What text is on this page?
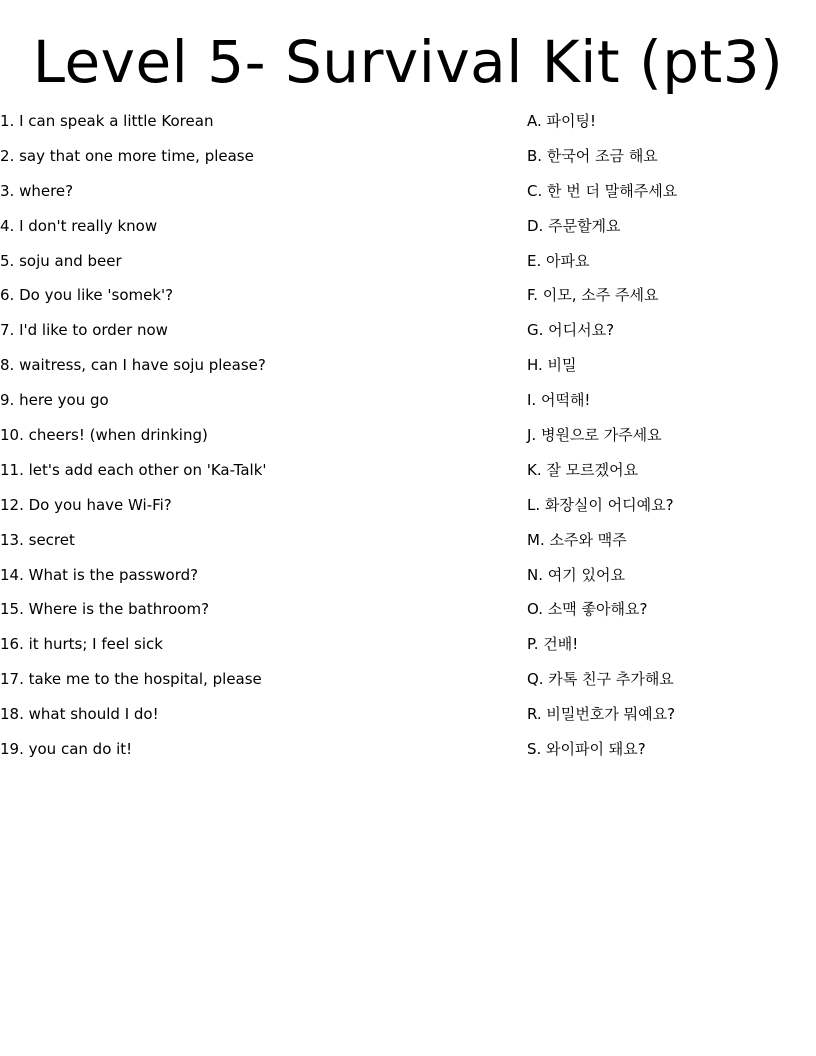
Level 5- Survival Kit (pt3)
1. I can speak a little Korean
2. say that one more time, please
3. where?
4. I don't really know
5. soju and beer
6. Do you like 'somek'?
7. I'd like to order now
8. waitress, can I have soju please?
9. here you go
10. cheers! (when drinking)
11. let's add each other on 'Ka-Talk'
12. Do you have Wi-Fi?
13. secret
14. What is the password?
15. Where is the bathroom?
16. it hurts; I feel sick
17. take me to the hospital, please
18. what should I do!
19. you can do it!
A. 파이팅!
B. 한국어 조금 해요
C. 한 번 더 말해주세요
D. 주문할게요
E. 아파요
F. 이모, 소주 주세요
G. 어디서요?
H. 비밀
I. 어떡해!
J. 병원으로 가주세요
K. 잘 모르겠어요
L. 화장실이 어디예요?
M. 소주와 맥주
N. 여기 있어요
O. 소맥 좋아해요?
P. 건배!
Q. 카톡 친구 추가해요
R. 비밀번호가 뭐예요?
S. 와이파이 돼요?
